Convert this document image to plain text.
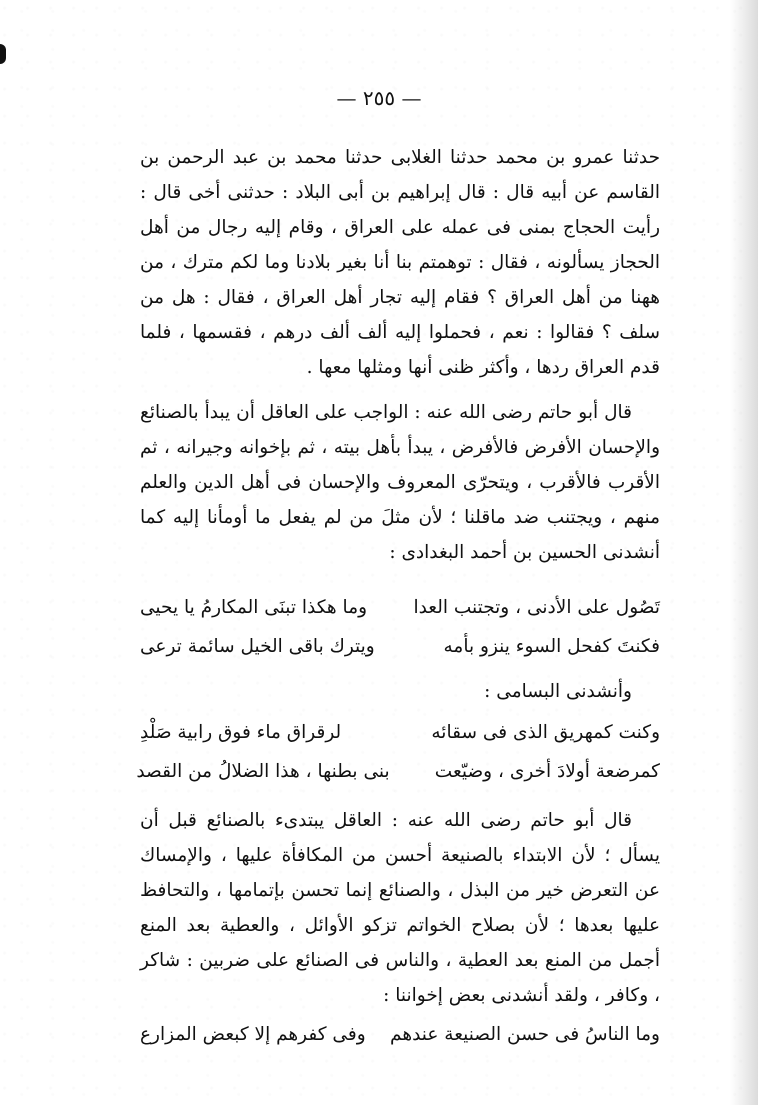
— ٢٥٥ —

حدثنا عمرو بن محمد حدثنا الغلابى حدثنا محمد بن عبد الرحمن بن القاسم عن أبيه قال : قال إبراهيم بن أبى البلاد : حدثنى أخى قال : رأيت الحجاج بمنى فى عمله على العراق ، وقام إليه رجال من أهل الحجاز يسألونه ، فقال : توهمتم بنا أنا بغير بلادنا وما لكم مترك ، من ههنا من أهل العراق ؟ فقام إليه تجار أهل العراق ، فقال : هل من سلف ؟ فقالوا : نعم ، فحملوا إليه ألف ألف درهم ، فقسمها ، فلما قدم العراق ردها ، وأكثر ظنى أنها ومثلها معها .

قال أبو حاتم رضى الله عنه : الواجب على العاقل أن يبدأ بالصنائع والإحسان الأفرض فالأفرض ، يبدأ بأهل بيته ، ثم بإخوانه وجيرانه ، ثم الأقرب فالأقرب ، ويتحرّى المعروف والإحسان فى أهل الدين والعلم منهم ، ويجتنب ضد ماقلنا ؛ لأن مثلَ من لم يفعل ما أومأنا إليه كما أنشدنى الحسين بن أحمد البغدادى :

تَصُول على الأدنى ، وتجتنب العدا
وما هكذا تبنَى المكارمُ يا يحيى
فكنتَ كفحل السوء ينزو بأمه
ويترك باقى الخيل سائمة ترعى

وأنشدنى البسامى :

وكنت كمهريق الذى فى سقائه
لرقراق ماء فوق رابية صَلْدِ
كمرضعة أولادَ أخرى ، وضيّعت
بنى بطنها ، هذا الضلالُ من القصد

قال أبو حاتم رضى الله عنه : العاقل يبتدىء بالصنائع قبل أن يسأل ؛ لأن الابتداء بالصنيعة أحسن من المكافأة عليها ، والإمساك عن التعرض خير من البذل ، والصنائع إنما تحسن بإتمامها ، والتحافظ عليها بعدها ؛ لأن بصلاح الخواتم تزكو الأوائل ، والعطية بعد المنع أجمل من المنع بعد العطية ، والناس فى الصنائع على ضربين : شاكر ، وكافر ، ولقد أنشدنى بعض إخواننا :

وما الناسُ فى حسن الصنيعة عندهم
وفى كفرهم إلا كبعض المزارع
